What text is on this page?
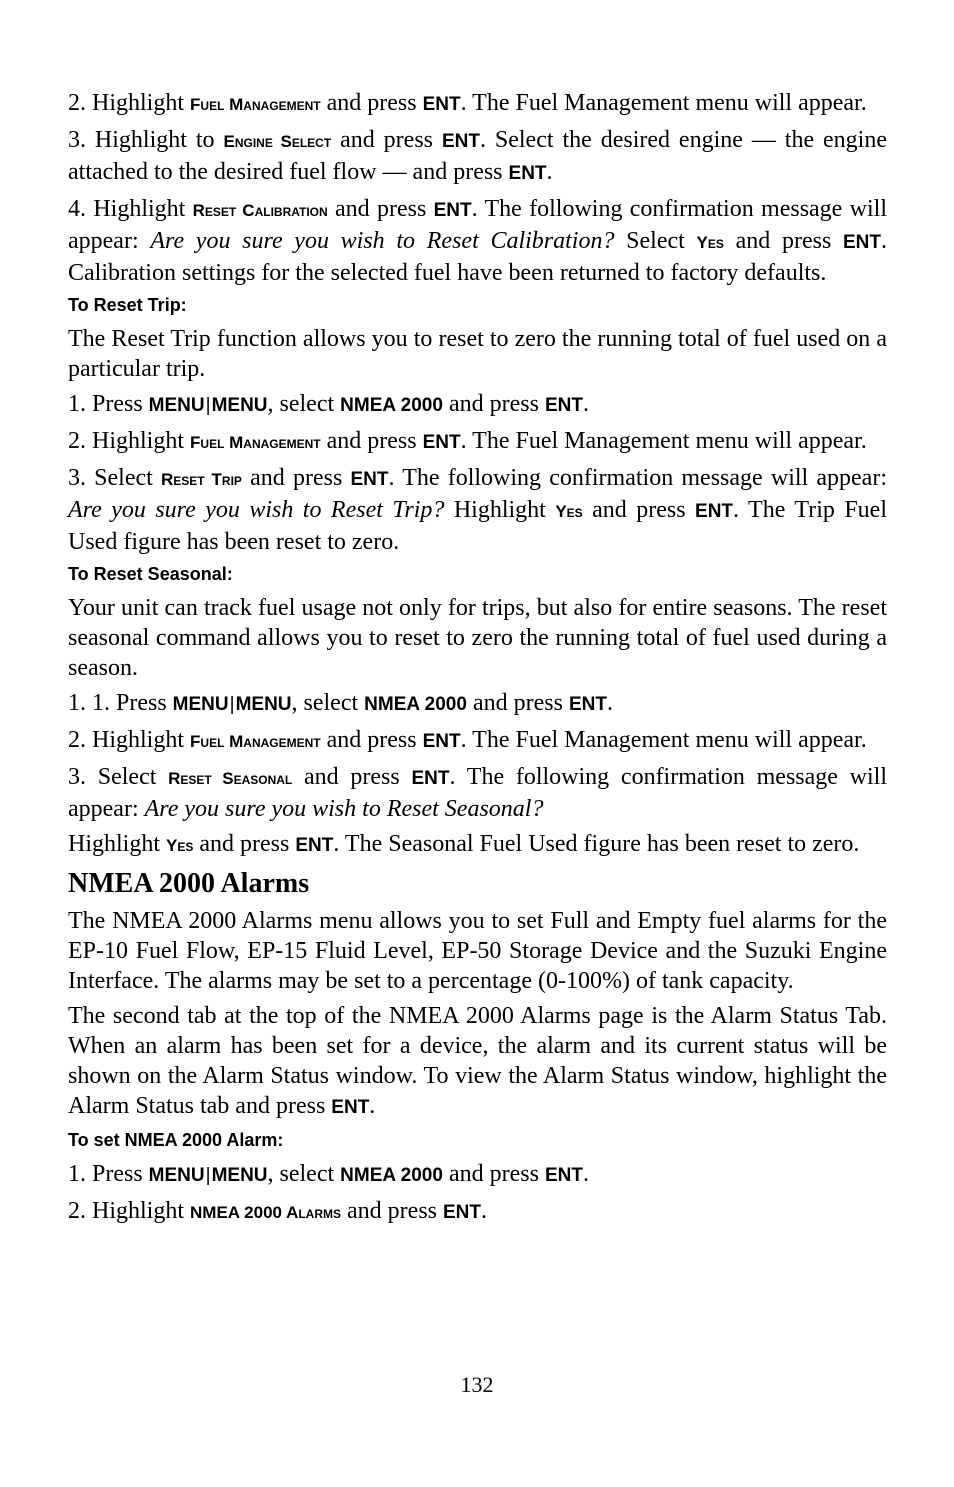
2. Highlight Fuel Management and press ENT. The Fuel Management menu will appear.

3. Highlight to Engine Select and press ENT. Select the desired engine — the engine attached to the desired fuel flow — and press ENT.

4. Highlight Reset Calibration and press ENT. The following confirmation message will appear: Are you sure you wish to Reset Calibration? Select Yes and press ENT. Calibration settings for the selected fuel have been returned to factory defaults.

To Reset Trip:

The Reset Trip function allows you to reset to zero the running total of fuel used on a particular trip.

1. Press MENU|MENU, select NMEA 2000 and press ENT.

2. Highlight Fuel Management and press ENT. The Fuel Management menu will appear.

3. Select Reset Trip and press ENT. The following confirmation message will appear: Are you sure you wish to Reset Trip? Highlight Yes and press ENT. The Trip Fuel Used figure has been reset to zero.

To Reset Seasonal:

Your unit can track fuel usage not only for trips, but also for entire seasons. The reset seasonal command allows you to reset to zero the running total of fuel used during a season.

1. 1. Press MENU|MENU, select NMEA 2000 and press ENT.

2. Highlight Fuel Management and press ENT. The Fuel Management menu will appear.

3. Select Reset Seasonal and press ENT. The following confirmation message will appear: Are you sure you wish to Reset Seasonal?

Highlight Yes and press ENT. The Seasonal Fuel Used figure has been reset to zero.

NMEA 2000 Alarms

The NMEA 2000 Alarms menu allows you to set Full and Empty fuel alarms for the EP-10 Fuel Flow, EP-15 Fluid Level, EP-50 Storage Device and the Suzuki Engine Interface. The alarms may be set to a percentage (0-100%) of tank capacity.

The second tab at the top of the NMEA 2000 Alarms page is the Alarm Status Tab. When an alarm has been set for a device, the alarm and its current status will be shown on the Alarm Status window. To view the Alarm Status window, highlight the Alarm Status tab and press ENT.

To set NMEA 2000 Alarm:

1. Press MENU|MENU, select NMEA 2000 and press ENT.

2. Highlight NMEA 2000 Alarms and press ENT.

132
